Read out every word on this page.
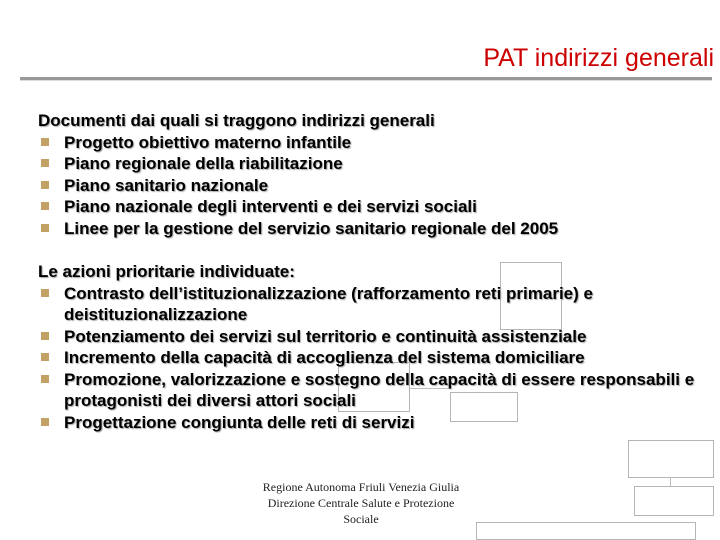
PAT indirizzi generali
Documenti dai quali si traggono indirizzi generali
Progetto obiettivo materno infantile
Piano regionale della riabilitazione
Piano sanitario nazionale
Piano nazionale degli interventi e dei servizi sociali
Linee per la gestione del servizio sanitario regionale del 2005
Le azioni prioritarie individuate:
Contrasto dell’istituzionalizzazione (rafforzamento reti primarie) e deistituzionalizzazione
Potenziamento dei servizi sul territorio e continuità assistenziale
Incremento della capacità di accoglienza del sistema domiciliare
Promozione, valorizzazione e sostegno della capacità di essere responsabili e protagonisti dei diversi attori sociali
Progettazione congiunta delle reti di servizi
Regione Autonoma Friuli Venezia Giulia
Direzione Centrale Salute e Protezione
Sociale
